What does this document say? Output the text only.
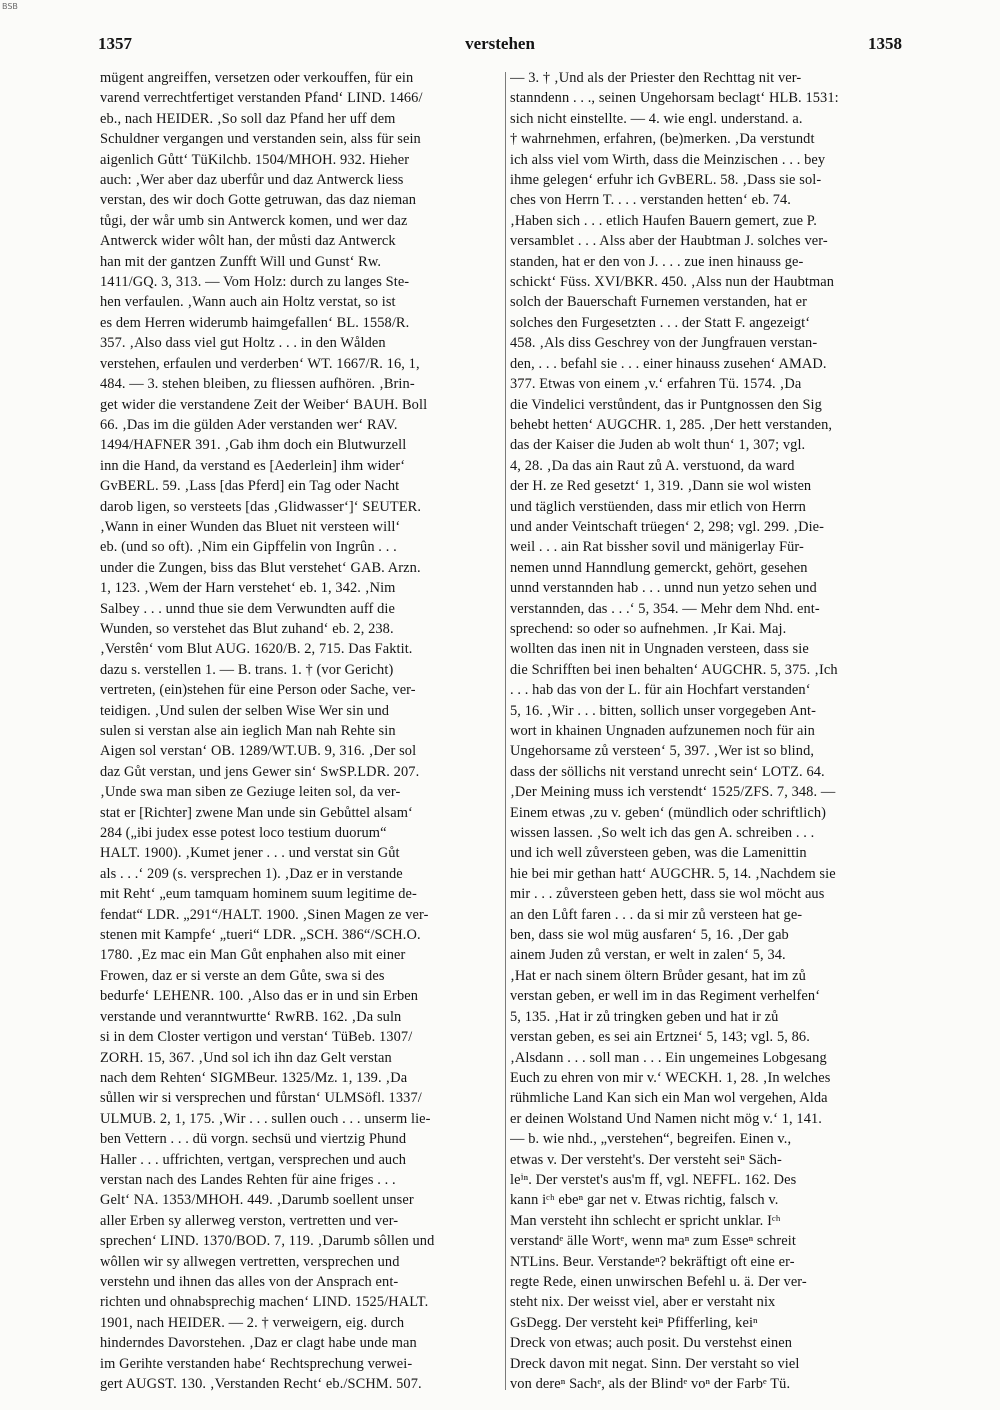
BSB
1357	verstehen	1358
mügent angreiffen, versetzen oder verkouffen, für ein
varend verrechtfertiget verstanden Pfand‘ LIND. 1466/
eb., nach HEIDER. ‚So soll daz Pfand her uff dem
Schuldner vergangen und verstanden sein, alss für sein
aigenlich Gůtt‘ TüKilchb. 1504/MHOH. 932. Hieher
auch: ‚Wer aber daz uberfůr und daz Antwerck liess
verstan, des wir doch Gotte getruwan, das daz nieman
tůgi, der wår umb sin Antwerck komen, und wer daz
Antwerck wider wôlt han, der můsti daz Antwerck
han mit der gantzen Zunfft Will und Gunst‘ Rw.
1411/GQ. 3, 313. — Vom Holz: durch zu langes Ste-
hen verfaulen. ‚Wann auch ain Holtz verstat, so ist
es dem Herren widerumb haimgefallen‘ BL. 1558/R.
357. ‚Also dass viel gut Holtz . . . in den Wålden
verstehen, erfaulen und verderben‘ WT. 1667/R. 16, 1,
484. — 3. stehen bleiben, zu fliessen aufhören. ‚Brin-
get wider die verstandene Zeit der Weiber‘ BAUH. Boll
66. ‚Das im die gülden Ader verstanden wer‘ RAV.
1494/HAFNER 391. ‚Gab ihm doch ein Blutwurzell
inn die Hand, da verstand es [Aederlein] ihm wider‘
GvBERL. 59. ‚Lass [das Pferd] ein Tag oder Nacht
darob ligen, so versteets [das ‚Glidwasser‘]‘ SEUTER.
‚Wann in einer Wunden das Bluet nit versteen will‘
eb. (und so oft). ‚Nim ein Gipffelin von Ingrûn . . .
under die Zungen, biss das Blut verstehet‘ GAB. Arzn.
1, 123. ‚Wem der Harn verstehet‘ eb. 1, 342. ‚Nim
Salbey . . . unnd thue sie dem Verwundten auff die
Wunden, so verstehet das Blut zuhand‘ eb. 2, 238.
‚Verstên‘ vom Blut AUG. 1620/B. 2, 715. Das Faktit.
dazu s. verstellen 1. — B. trans. 1. † (vor Gericht)
vertreten, (ein)stehen für eine Person oder Sache, ver-
teidigen. ‚Und sulen der selben Wise Wer sin und
sulen si verstan alse ain ieglich Man nah Rehte sin
Aigen sol verstan‘ OB. 1289/WT.UB. 9, 316. ‚Der sol
daz Gůt verstan, und jens Gewer sin‘ SwSP.LDR. 207.
‚Unde swa man siben ze Geziuge leiten sol, da ver-
stat er [Richter] zwene Man unde sin Gebůttel alsam‘
284 („ibi judex esse potest loco testium duorum“
HALT. 1900). ‚Kumet jener . . . und verstat sin Gůt
als . . .‘ 209 (s. versprechen 1). ‚Daz er in verstande
mit Reht‘ „eum tamquam hominem suum legitime de-
fendat“ LDR. „291“/HALT. 1900. ‚Sinen Magen ze ver-
stenen mit Kampfe‘ „tueri“ LDR. „SCH. 386“/SCH.O.
1780. ‚Ez mac ein Man Gůt enphahen also mit einer
Frowen, daz er si verste an dem Gůte, swa si des
bedurfe‘ LEHENR. 100. ‚Also das er in und sin Erben
verstande und veranntwurtte‘ RwRB. 162. ‚Da suln
si in dem Closter vertigon und verstan‘ TüBeb. 1307/
ZORH. 15, 367. ‚Und sol ich ihn daz Gelt verstan
nach dem Rehten‘ SIGMBeur. 1325/Mz. 1, 139. ‚Da
sůllen wir si versprechen und fůrstan‘ ULMSöfl. 1337/
ULMUB. 2, 1, 175. ‚Wir . . . sullen ouch . . . unserm lie-
ben Vettern . . . dü vorgn. sechsü und viertzig Phund
Haller . . . uffrichten, vertgan, versprechen und auch
verstan nach des Landes Rehten für aine friges . . .
Gelt‘ NA. 1353/MHOH. 449. ‚Darumb soellent unser
aller Erben sy allerweg verston, vertretten und ver-
sprechen‘ LIND. 1370/BOD. 7, 119. ‚Darumb sôllen und
wôllen wir sy allwegen vertretten, versprechen und
verstehn und ihnen das alles von der Ansprach ent-
richten und ohnabsprechig machen‘ LIND. 1525/HALT.
1901, nach HEIDER. — 2. † verweigern, eig. durch
hinderndes Davorstehen. ‚Daz er clagt habe unde man
im Gerihte verstanden habe‘ Rechtsprechung verwei-
gert AUGST. 130. ‚Verstanden Recht‘ eb./SCHM. 507.
— 3. † ‚Und als der Priester den Rechttag nit ver-
stanndenn . . ., seinen Ungehorsam beclagt‘ HLB. 1531:
sich nicht einstellte. — 4. wie engl. understand. a.
† wahrnehmen, erfahren, (be)merken. ‚Da verstundt
ich alss viel vom Wirth, dass die Meinzischen . . . bey
ihme gelegen‘ erfuhr ich GvBERL. 58. ‚Dass sie sol-
ches von Herrn T. . . . verstanden hetten‘ eb. 74.
‚Haben sich . . . etlich Haufen Bauern gemert, zue P.
versamblet . . . Alss aber der Haubtman J. solches ver-
standen, hat er den von J. . . . zue inen hinauss ge-
schickt‘ Füss. XVI/BKR. 450. ‚Alss nun der Haubtman
solch der Bauerschaft Furnemen verstanden, hat er
solches den Furgesetzten . . . der Statt F. angezeigt‘
458. ‚Als diss Geschrey von der Jungfrauen verstan-
den, . . . befahl sie . . . einer hinauss zusehen‘ AMAD.
377. Etwas von einem ‚v.‘ erfahren Tü. 1574. ‚Da
die Vindelici verstůndent, das ir Puntgnossen den Sig
behebt hetten‘ AUGCHR. 1, 285. ‚Der hett verstanden,
das der Kaiser die Juden ab wolt thun‘ 1, 307; vgl.
4, 28. ‚Da das ain Raut zů A. verstuond, da ward
der H. ze Red gesetzt‘ 1, 319. ‚Dann sie wol wisten
und täglich verstüenden, dass mir etlich von Herrn
und ander Veintschaft trüegen‘ 2, 298; vgl. 299. ‚Die-
weil . . . ain Rat bissher sovil und mänigerlay Für-
nemen unnd Hanndlung gemerckt, gehört, gesehen
unnd verstannden hab . . . unnd nun yetzo sehen und
verstannden, das . . .‘ 5, 354. — Mehr dem Nhd. ent-
sprechend: so oder so aufnehmen. ‚Ir Kai. Maj.
wollten das inen nit in Ungnaden versteen, dass sie
die Schrifften bei inen behalten‘ AUGCHR. 5, 375. ‚Ich
. . . hab das von der L. für ain Hochfart verstanden‘
5, 16. ‚Wir . . . bitten, sollich unser vorgegeben Ant-
wort in khainen Ungnaden aufzunemen noch für ain
Ungehorsame zů versteen‘ 5, 397. ‚Wer ist so blind,
dass der söllichs nit verstand unrecht sein‘ LOTZ. 64.
‚Der Meining muss ich verstendt‘ 1525/ZFS. 7, 348. —
Einem etwas ‚zu v. geben‘ (mündlich oder schriftlich)
wissen lassen. ‚So welt ich das gen A. schreiben . . .
und ich well zůversteen geben, was die Lamenittin
hie bei mir gethan hatt‘ AUGCHR. 5, 14. ‚Nachdem sie
mir . . . zůversteen geben hett, dass sie wol möcht aus
an den Lůft faren . . . da si mir zů versteen hat ge-
ben, dass sie wol müg ausfaren‘ 5, 16. ‚Der gab
ainem Juden zů verstan, er welt in zalen‘ 5, 34.
‚Hat er nach sinem öltern Brůder gesant, hat im zů
verstan geben, er well im in das Regiment verhelfen‘
5, 135. ‚Hat ir zů tringken geben und hat ir zů
verstan geben, es sei ain Ertznei‘ 5, 143; vgl. 5, 86.
‚Alsdann . . . soll man . . . Ein ungemeines Lobgesang
Euch zu ehren von mir v.‘ WECKH. 1, 28. ‚In welches
rühmliche Land Kan sich ein Man wol vergehen, Alda
er deinen Wolstand Und Namen nicht mög v.‘ 1, 141.
— b. wie nhd., „verstehen“, begreifen. Einen v.,
etwas v. Der versteht's. Der versteht seiⁿ Säch-
leⁱⁿ. Der verstet's aus'm ff, vgl. NEFFL. 162. Des
kann iᶜʰ ebeⁿ gar net v. Etwas richtig, falsch v.
Man versteht ihn schlecht er spricht unklar. Iᶜʰ
verstandᵉ älle Wortᵉ, wenn maⁿ zum Esseⁿ schreit
NTLins. Beur. Verstandeⁿ? bekräftigt oft eine er-
regte Rede, einen unwirschen Befehl u. ä. Der ver-
steht nix. Der weisst viel, aber er verstaht nix
GsDegg. Der versteht keiⁿ Pfifferling, keiⁿ
Dreck von etwas; auch posit. Du verstehst einen
Dreck davon mit negat. Sinn. Der verstaht so viel
von dereⁿ Sachᵉ, als der Blindᵉ voⁿ der Farbᵉ Tü.
